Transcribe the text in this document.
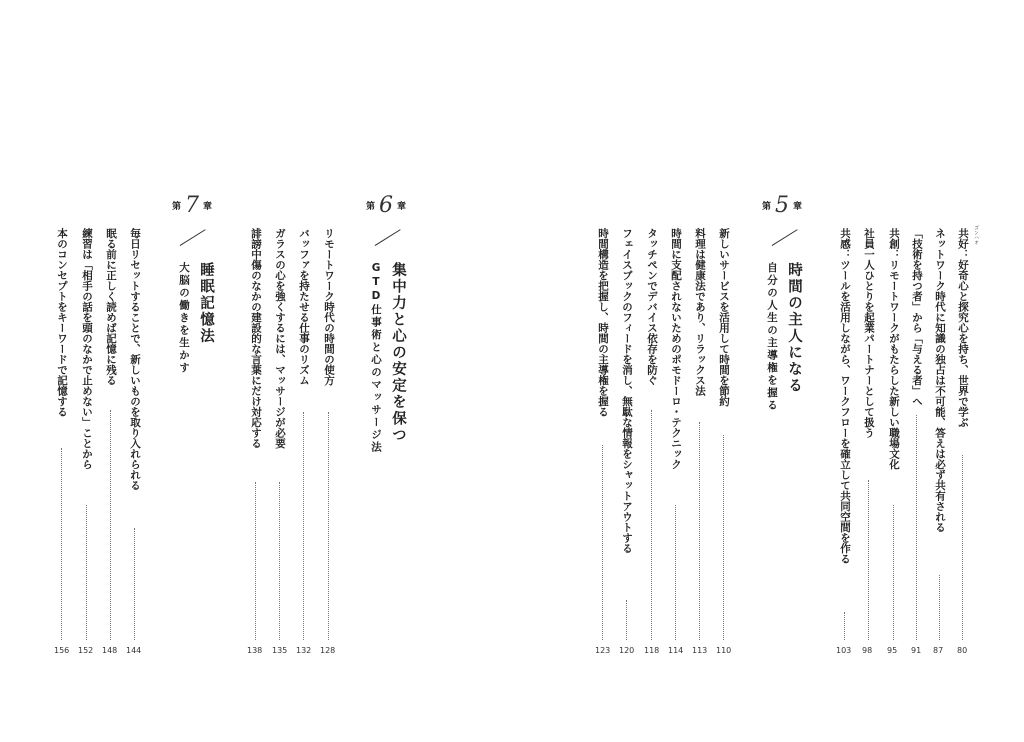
第 5 章
時間の主人になる
自分の人生の主導権を握る
ゴンハオ
共好：好奇心と探究心を持ち、世界で学ぶ
80
ネットワーク時代に知識の独占は不可能、答えは必ず共有される
87
「技術を持つ者」から「与える者」へ
91
共創：リモートワークがもたらした新しい職場文化
95
社員一人ひとりを起業パートナーとして扱う
98
共感：ツールを活用しながら、ワークフローを確立して共同空間を作る
103
新しいサービスを活用して時間を節約
110
料理は健康法であり、リラックス法
113
時間に支配されないためのポモドーロ・テクニック
114
タッチペンでデバイス依存を防ぐ
118
フェイスブックのフィードを消し、無駄な情報をシャットアウトする
120
時間構造を把握し、時間の主導権を握る
123
第 6 章
集中力と心の安定を保つ
GTD仕事術と心のマッサージ法
リモートワーク時代の時間の使方
128
バッファを持たせる仕事のリズム
132
ガラスの心を強くするには、マッサージが必要
135
誹謗中傷のなかの建設的な言葉にだけ対応する
138
第 7 章
睡眠記憶法
大脳の働きを生かす
毎日リセットすることで、新しいものを取り入れられる
144
眠る前に正しく読めば記憶に残る
148
練習は「相手の話を頭のなかで止めない」ことから
152
本のコンセプトをキーワードで記憶する
156
